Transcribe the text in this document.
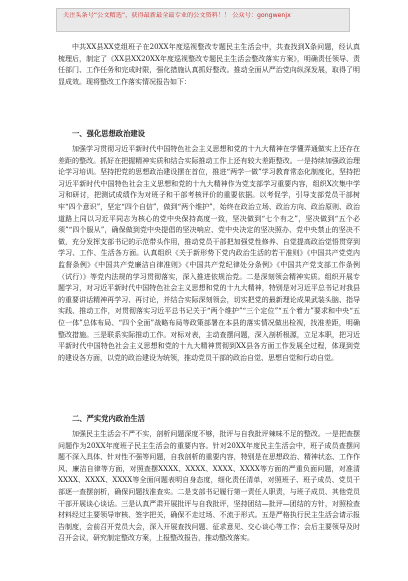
关注头条号“公文精选”，获得最新最全最专业的公文资料！！ 公众号：gongwenjx

中共XX县XX党组班子在20XX年度巡视整改专题民主生活会中，共查找到X条问题，经认真梳理后，制定了《XX县XX20XX年度巡视整改专题民主生活会整改落实方案》，明确责任领导、责任部门、工作任务和完成时限，强化措施认真抓好整改。推动全面从严治党向纵深发展，取得了明显成效。现将整改工作落实情况报告如下：

一、强化思想政治建设

加强学习贯彻习近平新时代中国特色社会主义思想和党的十九大精神在学懂弄通做实上还存在差距的整改。抓好在把握精神实质和结合实际推动工作上还有较大差距整改。一是持续加强政治理论学习培训。坚持把党的思想政治建设摆在首位，推进“两学一做”学习教育常态化制度化，坚持把习近平新时代中国特色社会主义思想和党的十九大精神作为党支部学习重要内容，组织X次集中学习和研讨，把测试成绩作为对班子和干部考核评价的重要依据。以考促学，引导支部党员干部树牢“四个意识”，坚定“四个自信”，做到“两个维护”，始终在政治立场、政治方向、政治原则、政治道路上同以习近平同志为核心的党中央保持高度一致，坚决做到“七个有之”，坚决做到“五个必须”“四个服从”，确保做到党中央提倡的坚决响应、党中央决定的坚决照办、党中央禁止的坚决不做，充分发挥支部书记的示范带头作用，推动党员干部把加强党性修养、自觉提高政治觉悟贯穿到学习、工作、生活各方面。认真组织《关于新形势下党内政治生活的若干准则》《中国共产党党内监督条例》《中国共产党廉洁自律准则》《中国共产党纪律处分条例》《中国共产党支部工作条例（试行）》等党内法规的学习贯彻落实，深入推进依规治党。二是深刻领会精神实质。组织开展专题学习，对习近平新时代中国特色社会主义思想和党的十九大精神，特别是对习近平总书记对我县的重要讲话精神再学习、再讨论，并结合实际深刻领会，切实把党的最新理论成果武装头脑、指导实践、推动工作，对贯彻落实习近平总书记关于“两个维护”“三个定位”“五个着力”要求和中央“五位一体”总体布局、“四个全面”战略布局等政策部署在本县的落实情况做出检视，找准差距，明确整改措施。三是联系实际推动工作。对标对表，主动查摆问题，深入剖析根源，立足本职，把习近平新时代中国特色社会主义思想和党的十九大精神贯彻到XX县各方面工作发展全过程，体现到党的建设各方面，以党的政治建设为统领，推动党员干部的政治自觉、思想自觉和行动自觉。

二、严实党内政治生活

加强民主生活会不严不实，剖析问题深度不够，批评与自我批评辣味不足的整改。一是把查摆问题作为20XX年度班子民主生活会的重要内容。针对20XX年度民主生活会中，班子成员查摆问题不深入具体、针对性不强等问题，自我剖析的重要内容，特别是在思想政治、精神状态、工作作风、廉洁自律等方面，对照查摆XXXX、XXXX、XXXX、XXXX等方面的严重负面问题，对准清XXXX、XXXX、XXXX等全面问题表明自身态度，细化责任清单，对照班子、班子成员、党员干部逐一查摆剖析，确保问题找准查实。二是支部书记履行第一责任人职责，与班子成员、其他党员干部开展谈心谈话。三是认真严肃开展批评与自我批评，坚持团结—批评—团结的方针，对照检查材料经过主要领导审核、签字把关，确保不走过场、不流于形式。五是严格执行民主生活会请示报告制度，会前召开党员大会，深入开展查找问题、征求意见、交心谈心等工作；会后主要领导及时召开会议，研究制定整改方案，上报整改报告，推动整改落实。
